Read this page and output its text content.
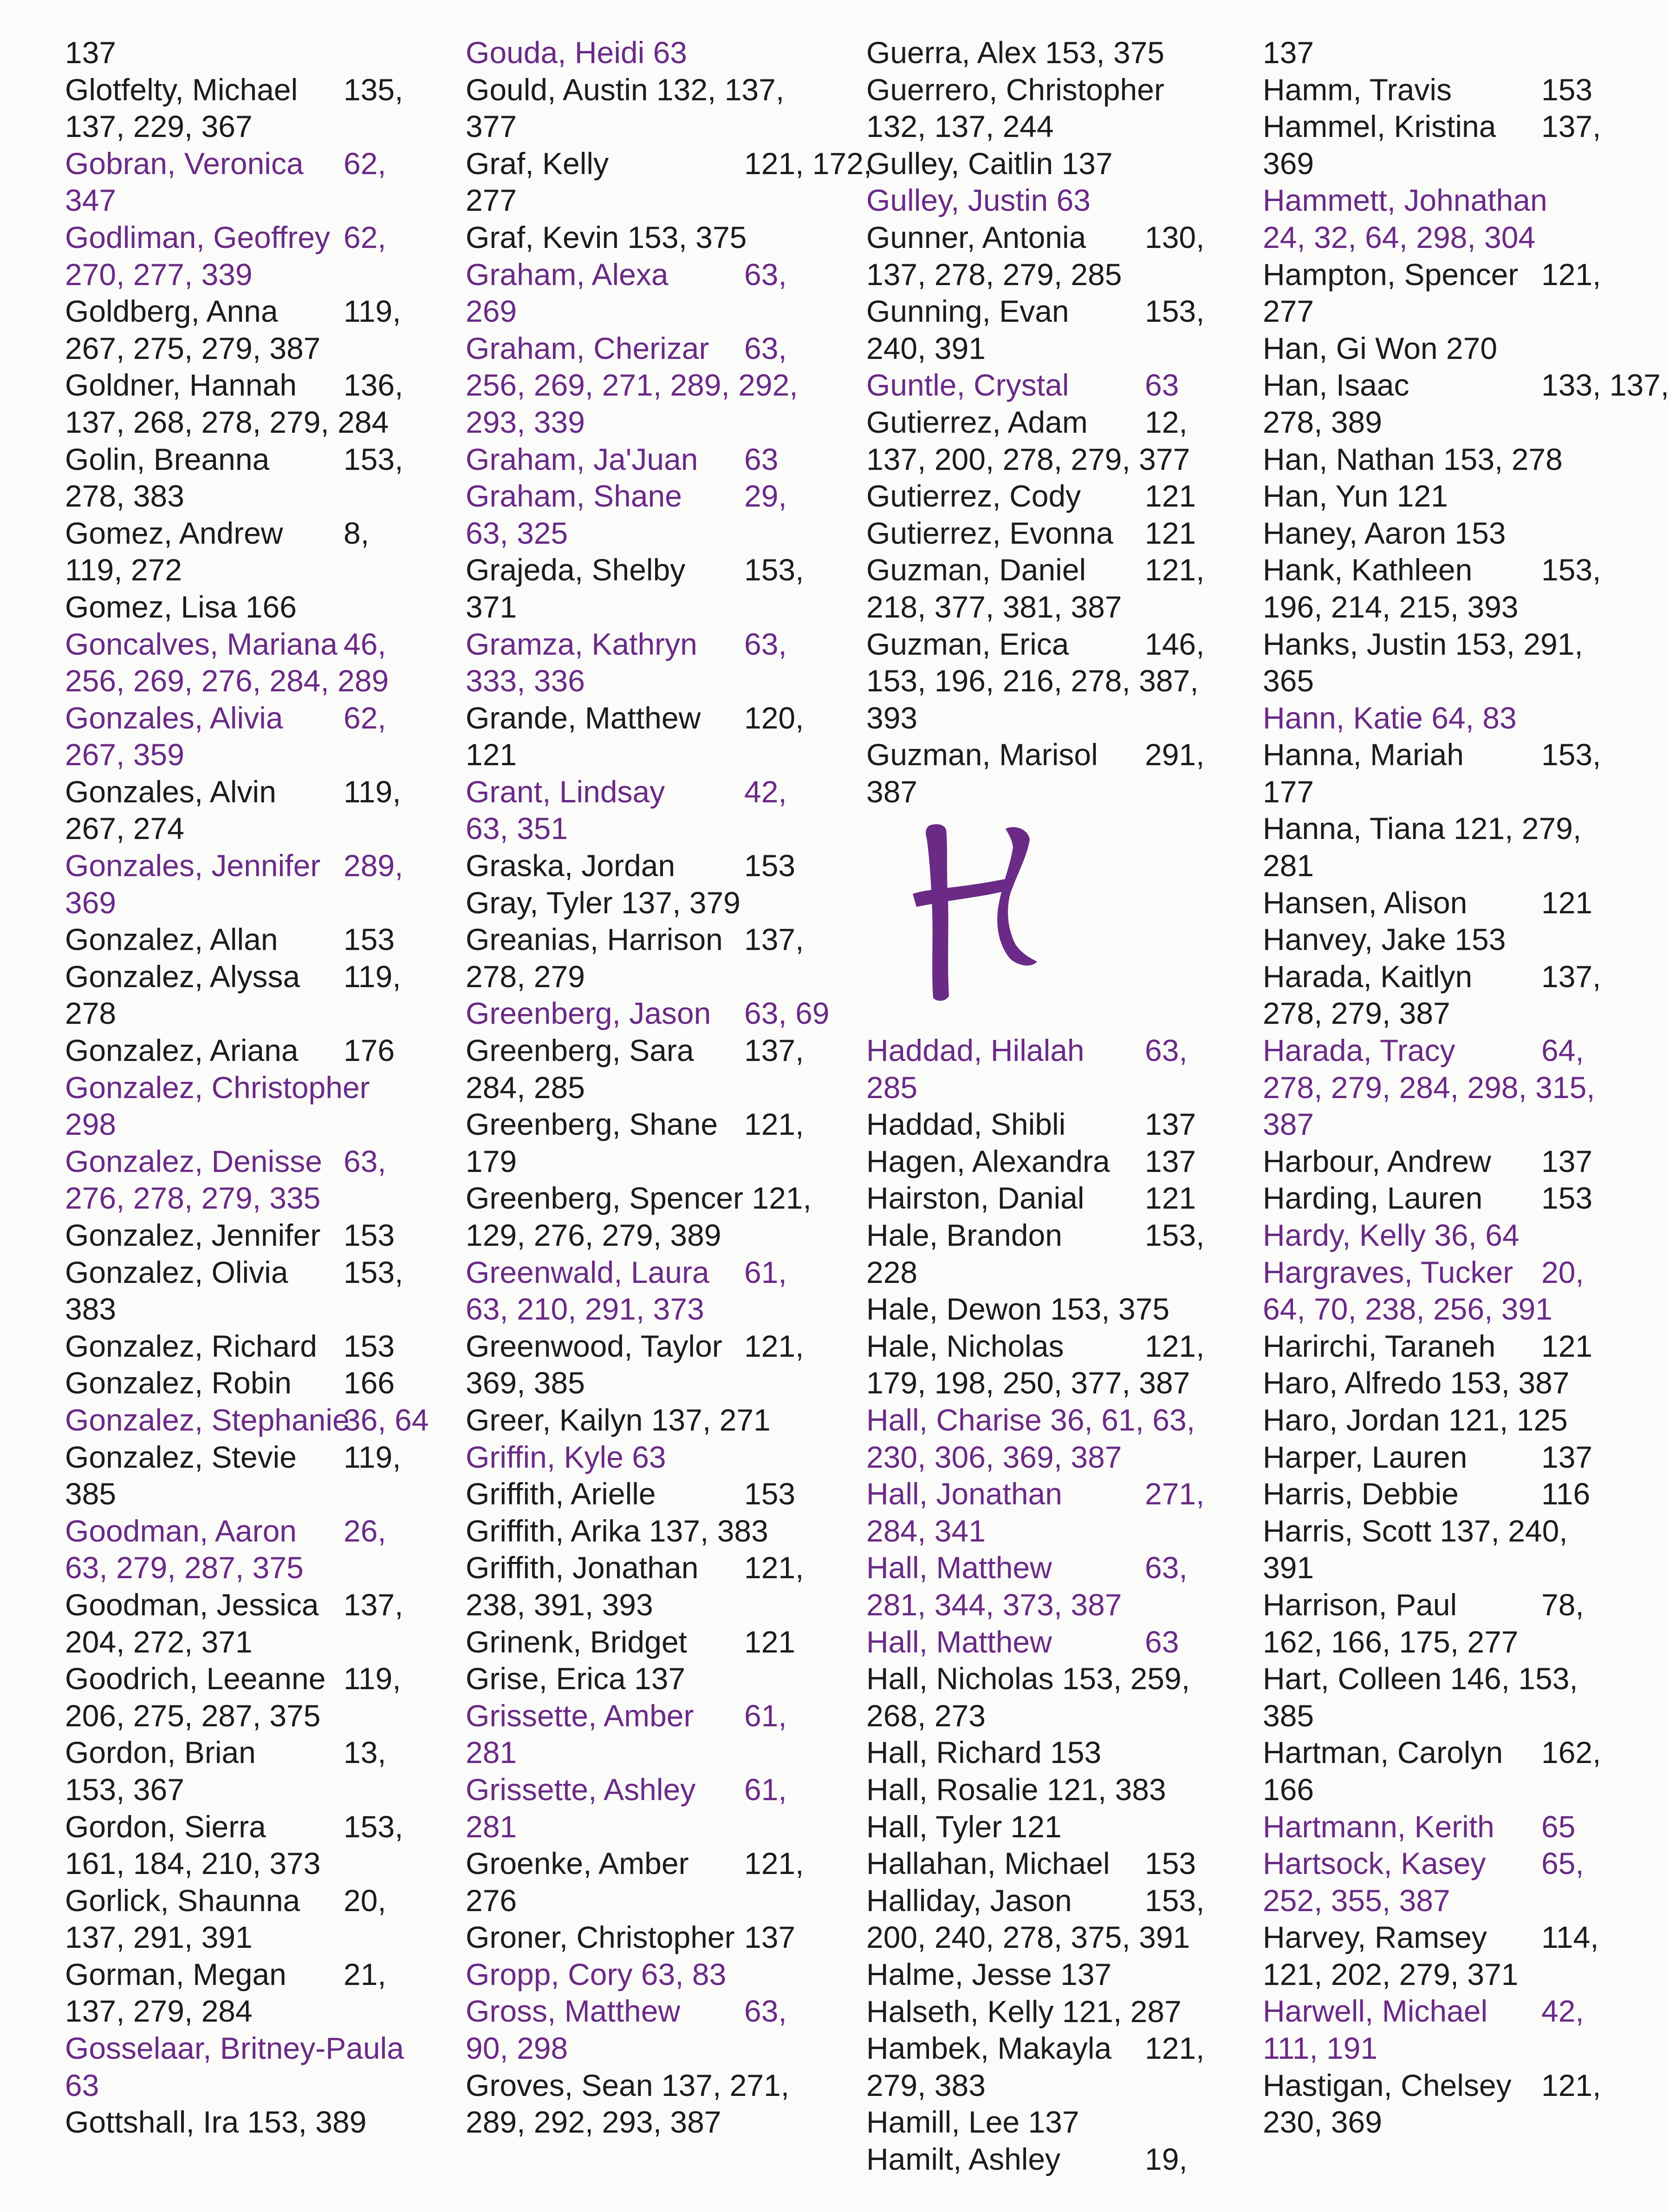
137
Glotfelty, Michael 135,
137, 229, 367
Gobran, Veronica 62,
347
Godliman, Geoffrey 62,
270, 277, 339
Goldberg, Anna 119,
267, 275, 279, 387
Goldner, Hannah 136,
137, 268, 278, 279, 284
Golin, Breanna 153,
278, 383
Gomez, Andrew 8,
119, 272
Gomez, Lisa 166
Goncalves, Mariana 46,
256, 269, 276, 284, 289
Gonzales, Alivia 62,
267, 359
Gonzales, Alvin 119,
267, 274
Gonzales, Jennifer 289,
369
Gonzalez, Allan 153
Gonzalez, Alyssa 119,
278
Gonzalez, Ariana 176
Gonzalez, Christopher
298
Gonzalez, Denisse 63,
276, 278, 279, 335
Gonzalez, Jennifer 153
Gonzalez, Olivia 153,
383
Gonzalez, Richard 153
Gonzalez, Robin 166
Gonzalez, Stephanie
36, 64
Gonzalez, Stevie 119,
385
Goodman, Aaron 26,
63, 279, 287, 375
Goodman, Jessica 137,
204, 272, 371
Goodrich, Leeanne 119,
206, 275, 287, 375
Gordon, Brian	13,
153, 367
Gordon, Sierra	153,
161, 184, 210, 373
Gorlick, Shaunna 20,
137, 291, 391
Gorman, Megan 21,
137, 279, 284
Gosselaar, Britney-Paula
63
Gottshall, Ira 153, 389
Gouda, Heidi 63
Gould, Austin 132, 137,
377
Graf, Kelly	121, 172,
277
Graf, Kevin 153, 375
Graham, Alexa 63,
269
Graham, Cherizar 63,
256, 269, 271, 289, 292,
293, 339
Graham, Ja'Juan 63
Graham, Shane 29,
63, 325
Grajeda, Shelby 153,
371
Gramza, Kathryn 63,
333, 336
Grande, Matthew 120,
121
Grant, Lindsay	42,
63, 351
Graska, Jordan 153
Gray, Tyler 137, 379
Greanias, Harrison 137,
278, 279
Greenberg, Jason 63, 69
Greenberg, Sara 137,
284, 285
Greenberg, Shane 121,
179
Greenberg, Spencer 121,
129, 276, 279, 389
Greenwald, Laura 61,
63, 210, 291, 373
Greenwood, Taylor 121,
369, 385
Greer, Kailyn 137, 271
Griffin, Kyle 63
Griffith, Arielle	153
Griffith, Arika 137, 383
Griffith, Jonathan 121,
238, 391, 393
Grinenk, Bridget 121
Grise, Erica 137
Grissette, Amber 61,
281
Grissette, Ashley 61,
281
Groenke, Amber 121,
276
Groner, Christopher 137
Gropp, Cory 63, 83
Gross, Matthew 63,
90, 298
Groves, Sean 137, 271,
289, 292, 293, 387
Guerra, Alex 153, 375
Guerrero, Christopher
132, 137, 244
Gulley, Caitlin 137
Gulley, Justin 63
Gunner, Antonia 130,
137, 278, 279, 285
Gunning, Evan 153,
240, 391
Guntle, Crystal 63
Gutierrez, Adam 12,
137, 200, 278, 279, 377
Gutierrez, Cody 121
Gutierrez, Evonna 121
Guzman, Daniel 121,
218, 377, 381, 387
Guzman, Erica 146,
153, 196, 216, 278, 387,
393
Guzman, Marisol 291,
387
Haddad, Hilalah 63,
285
Haddad, Shibli	137
Hagen, Alexandra 137
Hairston, Danial 121
Hale, Brandon	153,
228
Hale, Dewon 153, 375
Hale, Nicholas	121,
179, 198, 250, 377, 387
Hall, Charise 36, 61, 63,
230, 306, 369, 387
Hall, Jonathan	271,
284, 341
Hall, Matthew	63,
281, 344, 373, 387
Hall, Matthew	63
Hall, Nicholas 153, 259,
268, 273
Hall, Richard 153
Hall, Rosalie 121, 383
Hall, Tyler 121
Hallahan, Michael 153
Halliday, Jason 153,
200, 240, 278, 375, 391
Halme, Jesse 137
Halseth, Kelly 121, 287
Hambek, Makayla 121,
279, 383
Hamill, Lee 137
Hamilt, Ashley	19,
137
Hamm, Travis	153
Hammel, Kristina 137,
369
Hammett, Johnathan
24, 32, 64, 298, 304
Hampton, Spencer 121,
277
Han, Gi Won 270
Han, Isaac	133, 137,
278, 389
Han, Nathan 153, 278
Han, Yun 121
Haney, Aaron 153
Hank, Kathleen 153,
196, 214, 215, 393
Hanks, Justin 153, 291,
365
Hann, Katie 64, 83
Hanna, Mariah	153,
177
Hanna, Tiana 121, 279,
281
Hansen, Alison 121
Hanvey, Jake 153
Harada, Kaitlyn 137,
278, 279, 387
Harada, Tracy	64,
278, 279, 284, 298, 315,
387
Harbour, Andrew 137
Harding, Lauren 153
Hardy, Kelly 36, 64
Hargraves, Tucker 20,
64, 70, 238, 256, 391
Harirchi, Taraneh 121
Haro, Alfredo 153, 387
Haro, Jordan 121, 125
Harper, Lauren 137
Harris, Debbie	116
Harris, Scott 137, 240,
391
Harrison, Paul	78,
162, 166, 175, 277
Hart, Colleen 146, 153,
385
Hartman, Carolyn 162,
166
Hartmann, Kerith 65
Hartsock, Kasey 65,
252, 355, 387
Harvey, Ramsey 114,
121, 202, 279, 371
Harwell, Michael 42,
111, 191
Hastigan, Chelsey 121,
230, 369
